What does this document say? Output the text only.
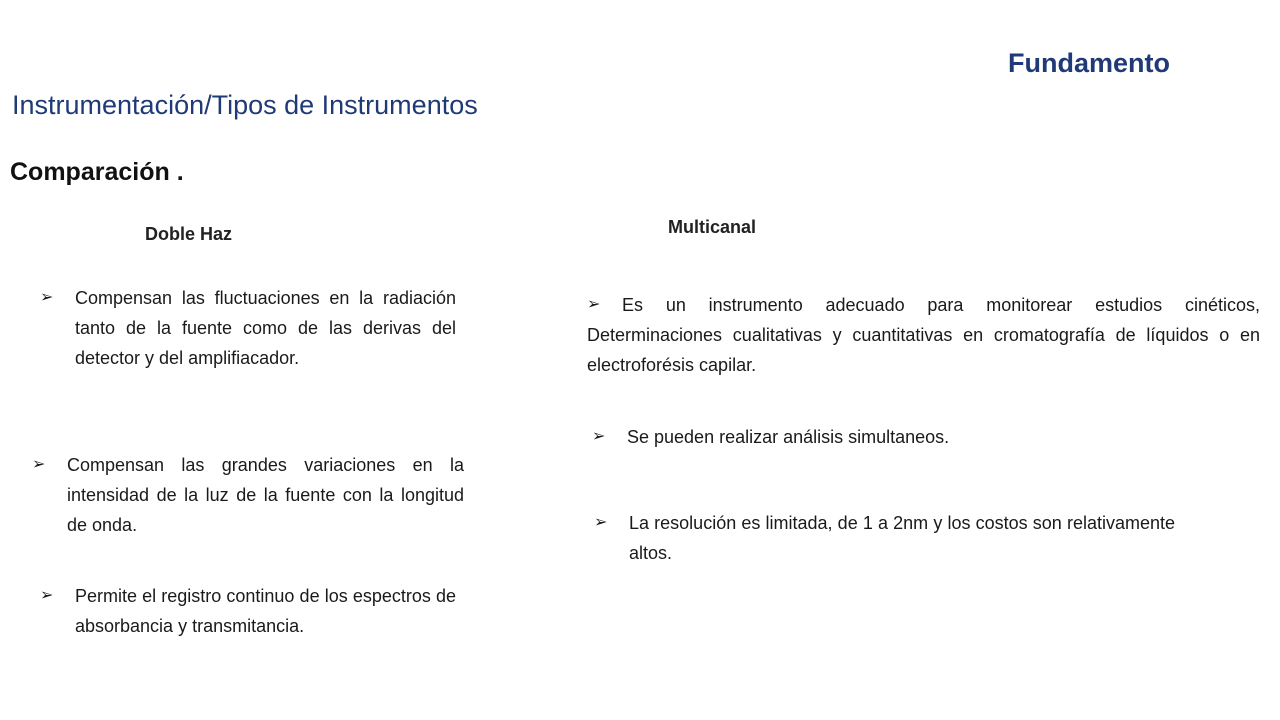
Fundamento
Instrumentación/Tipos de Instrumentos
Comparación .
Doble Haz
➢	Compensan las fluctuaciones en la radiación tanto de la fuente como de las derivas del detector y del amplifiacador.
➢	Compensan las grandes variaciones en la intensidad de la luz de la fuente con la longitud de onda.
➢	Permite el registro continuo de los espectros de absorbancia y transmitancia.
Multicanal
➢	Es un instrumento adecuado para monitorear estudios cinéticos, Determinaciones cualitativas y cuantitativas en cromatografía de líquidos o en electroforésis capilar.
➢	Se pueden realizar análisis simultaneos.
➢	La resolución es limitada, de 1 a 2nm y los costos son relativamente altos.
